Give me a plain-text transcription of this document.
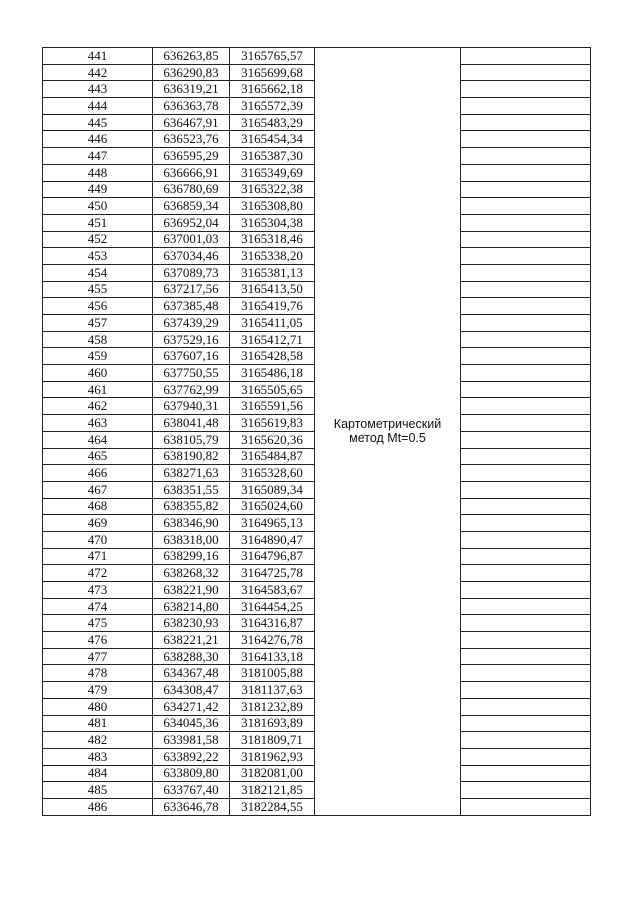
441	636263,85	3165765,57	Картометрический
метод Mt=0.5	

442	636290,83	3165699,68		
443	636319,21	3165662,18		
444	636363,78	3165572,39		
445	636467,91	3165483,29		
446	636523,76	3165454,34		
447	636595,29	3165387,30		
448	636666,91	3165349,69		
449	636780,69	3165322,38		
450	636859,34	3165308,80		
451	636952,04	3165304,38		
452	637001,03	3165318,46		
453	637034,46	3165338,20		
454	637089,73	3165381,13		
455	637217,56	3165413,50		
456	637385,48	3165419,76		
457	637439,29	3165411,05		
458	637529,16	3165412,71		
459	637607,16	3165428,58		
460	637750,55	3165486,18		
461	637762,99	3165505,65		
462	637940,31	3165591,56		
463	638041,48	3165619,83		
464	638105,79	3165620,36		
465	638190,82	3165484,87		
466	638271,63	3165328,60		
467	638351,55	3165089,34		
468	638355,82	3165024,60		
469	638346,90	3164965,13		
470	638318,00	3164890,47		
471	638299,16	3164796,87		
472	638268,32	3164725,78		
473	638221,90	3164583,67		
474	638214,80	3164454,25		
475	638230,93	3164316,87		
476	638221,21	3164276,78		
477	638288,30	3164133,18		
478	634367,48	3181005,88		
479	634308,47	3181137,63		
480	634271,42	3181232,89		
481	634045,36	3181693,89		
482	633981,58	3181809,71		
483	633892,22	3181962,93		
484	633809,80	3182081,00		
485	633767,40	3182121,85		
486	633646,78	3182284,55		
